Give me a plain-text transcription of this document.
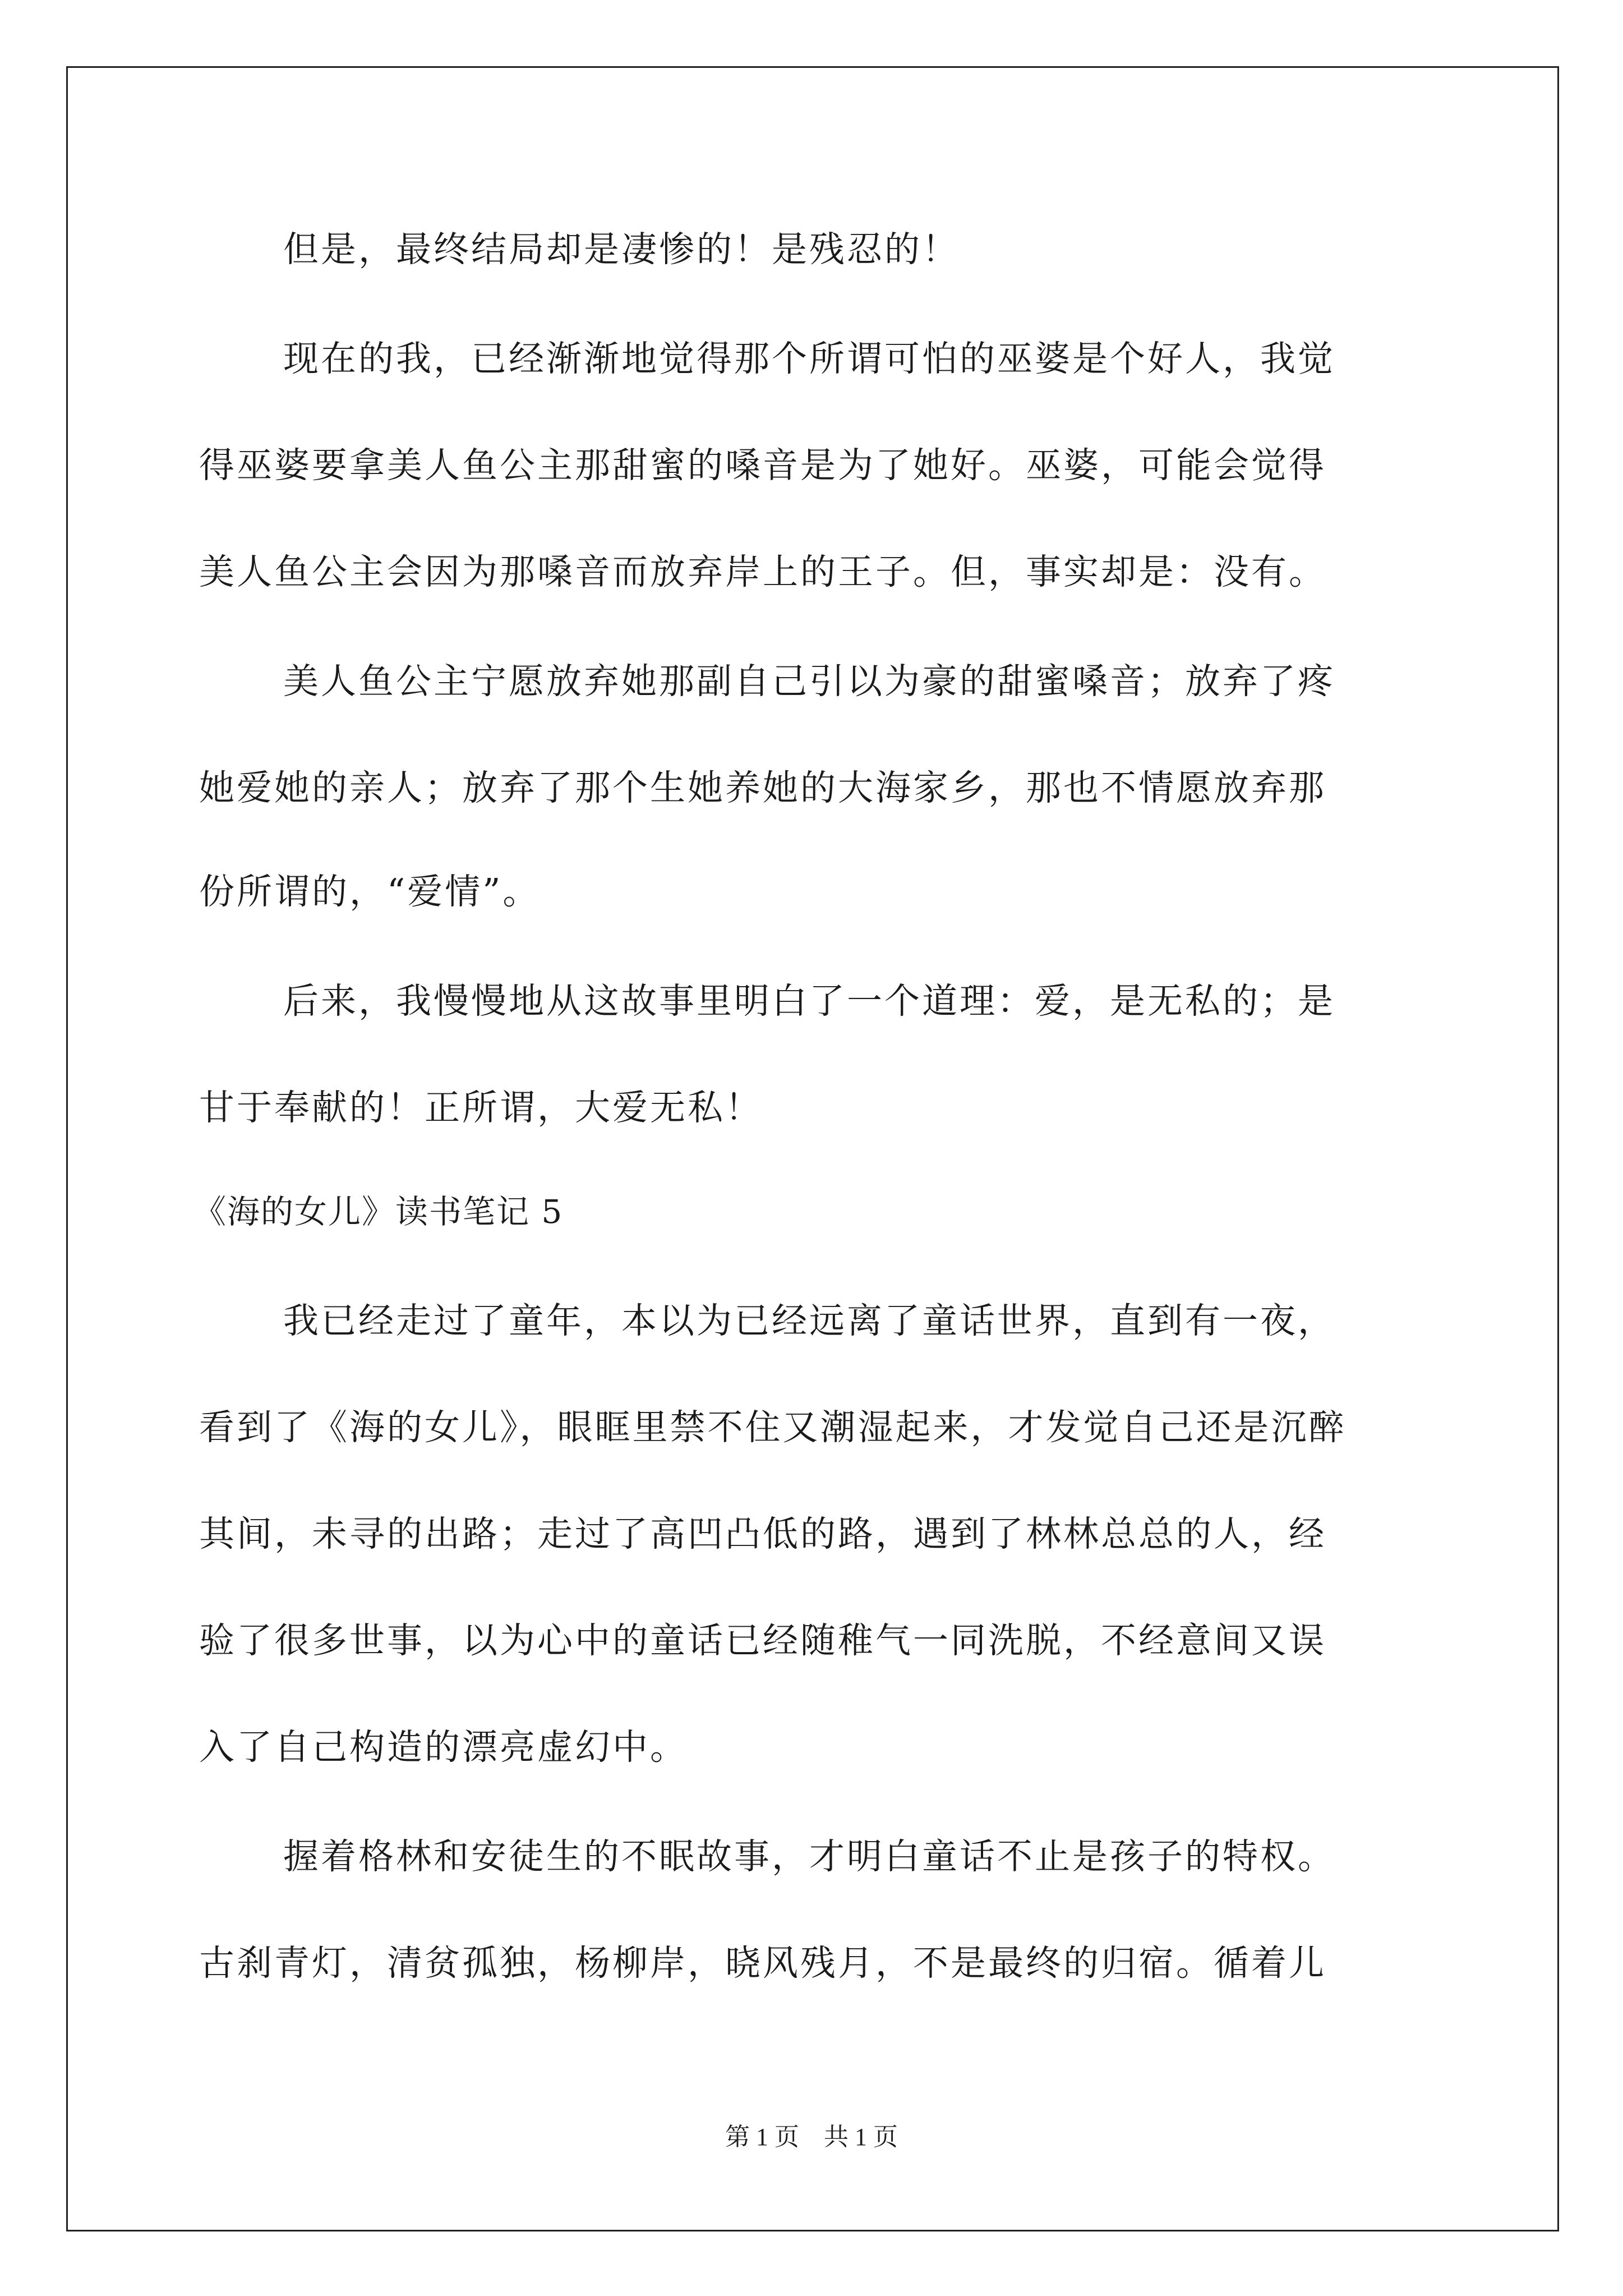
但是，最终结局却是凄惨的！是残忍的！
现在的我，已经渐渐地觉得那个所谓可怕的巫婆是个好人，我觉
得巫婆要拿美人鱼公主那甜蜜的嗓音是为了她好。巫婆，可能会觉得
美人鱼公主会因为那嗓音而放弃岸上的王子。但，事实却是：没有。
美人鱼公主宁愿放弃她那副自己引以为豪的甜蜜嗓音；放弃了疼
她爱她的亲人；放弃了那个生她养她的大海家乡，那也不情愿放弃那
份所谓的，“爱情”。
后来，我慢慢地从这故事里明白了一个道理：爱，是无私的；是
甘于奉献的！正所谓，大爱无私！
《海的女儿》读书笔记 5
我已经走过了童年，本以为已经远离了童话世界，直到有一夜，
看到了《海的女儿》，眼眶里禁不住又潮湿起来，才发觉自己还是沉醉
其间，未寻的出路；走过了高凹凸低的路，遇到了林林总总的人，经
验了很多世事，以为心中的童话已经随稚气一同洗脱，不经意间又误
入了自己构造的漂亮虚幻中。
握着格林和安徒生的不眠故事，才明白童话不止是孩子的特权。
古刹青灯，清贫孤独，杨柳岸，晓风残月，不是最终的归宿。循着儿
第 1 页　共 1 页
